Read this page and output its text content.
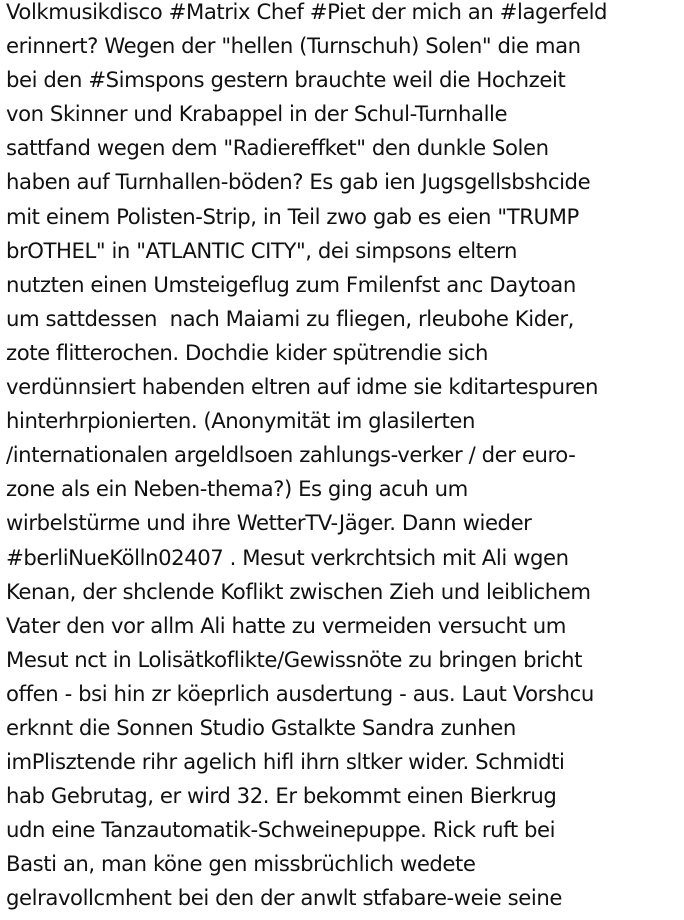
Volkmusikdisco #Matrix Chef #Piet der mich an #lagerfeld
erinnert? Wegen der "hellen (Turnschuh) Solen" die man
bei den #Simspons gestern brauchte weil die Hochzeit
von Skinner und Krabappel in der Schul-Turnhalle
sattfand wegen dem "Radiereffket" den dunkle Solen
haben auf Turnhallen-böden? Es gab ien Jugsgellsbshcide
mit einem Polisten-Strip, in Teil zwo gab es eien "TRUMP
brOTHEL" in "ATLANTIC CITY", dei simpsons eltern
nutzten einen Umsteigeflug zum Fmilenfst anc Daytoan
um sattdessen  nach Maiami zu fliegen, rleubohe Kider,
zote flitterochen. Dochdie kider spütrendie sich
verdünnsiert habenden eltren auf idme sie kditartespuren
hinterhrpionierten. (Anonymität im glasilerten
/internationalen argeldlsoen zahlungs-verker / der euro-
zone als ein Neben-thema?) Es ging acuh um
wirbelstürme und ihre WetterTV-Jäger. Dann wieder
#berliNueKölln02407 . Mesut verkrchtsich mit Ali wgen
Kenan, der shclende Koflikt zwischen Zieh und leiblichem
Vater den vor allm Ali hatte zu vermeiden versucht um
Mesut nct in Lolisätkoflikte/Gewissnöte zu bringen bricht
offen - bsi hin zr köeprlich ausdertung - aus. Laut Vorshcu
erknnt die Sonnen Studio Gstalkte Sandra zunhen
imPlisztende rihr agelich hifl ihrn sltker wider. Schmidti
hab Gebrutag, er wird 32. Er bekommt einen Bierkrug
udn eine Tanzautomatik-Schweinepuppe. Rick ruft bei
Basti an, man köne gen missbrüchlich wedete
gelravollcmhent bei den der anwlt stfabare-weie seine
